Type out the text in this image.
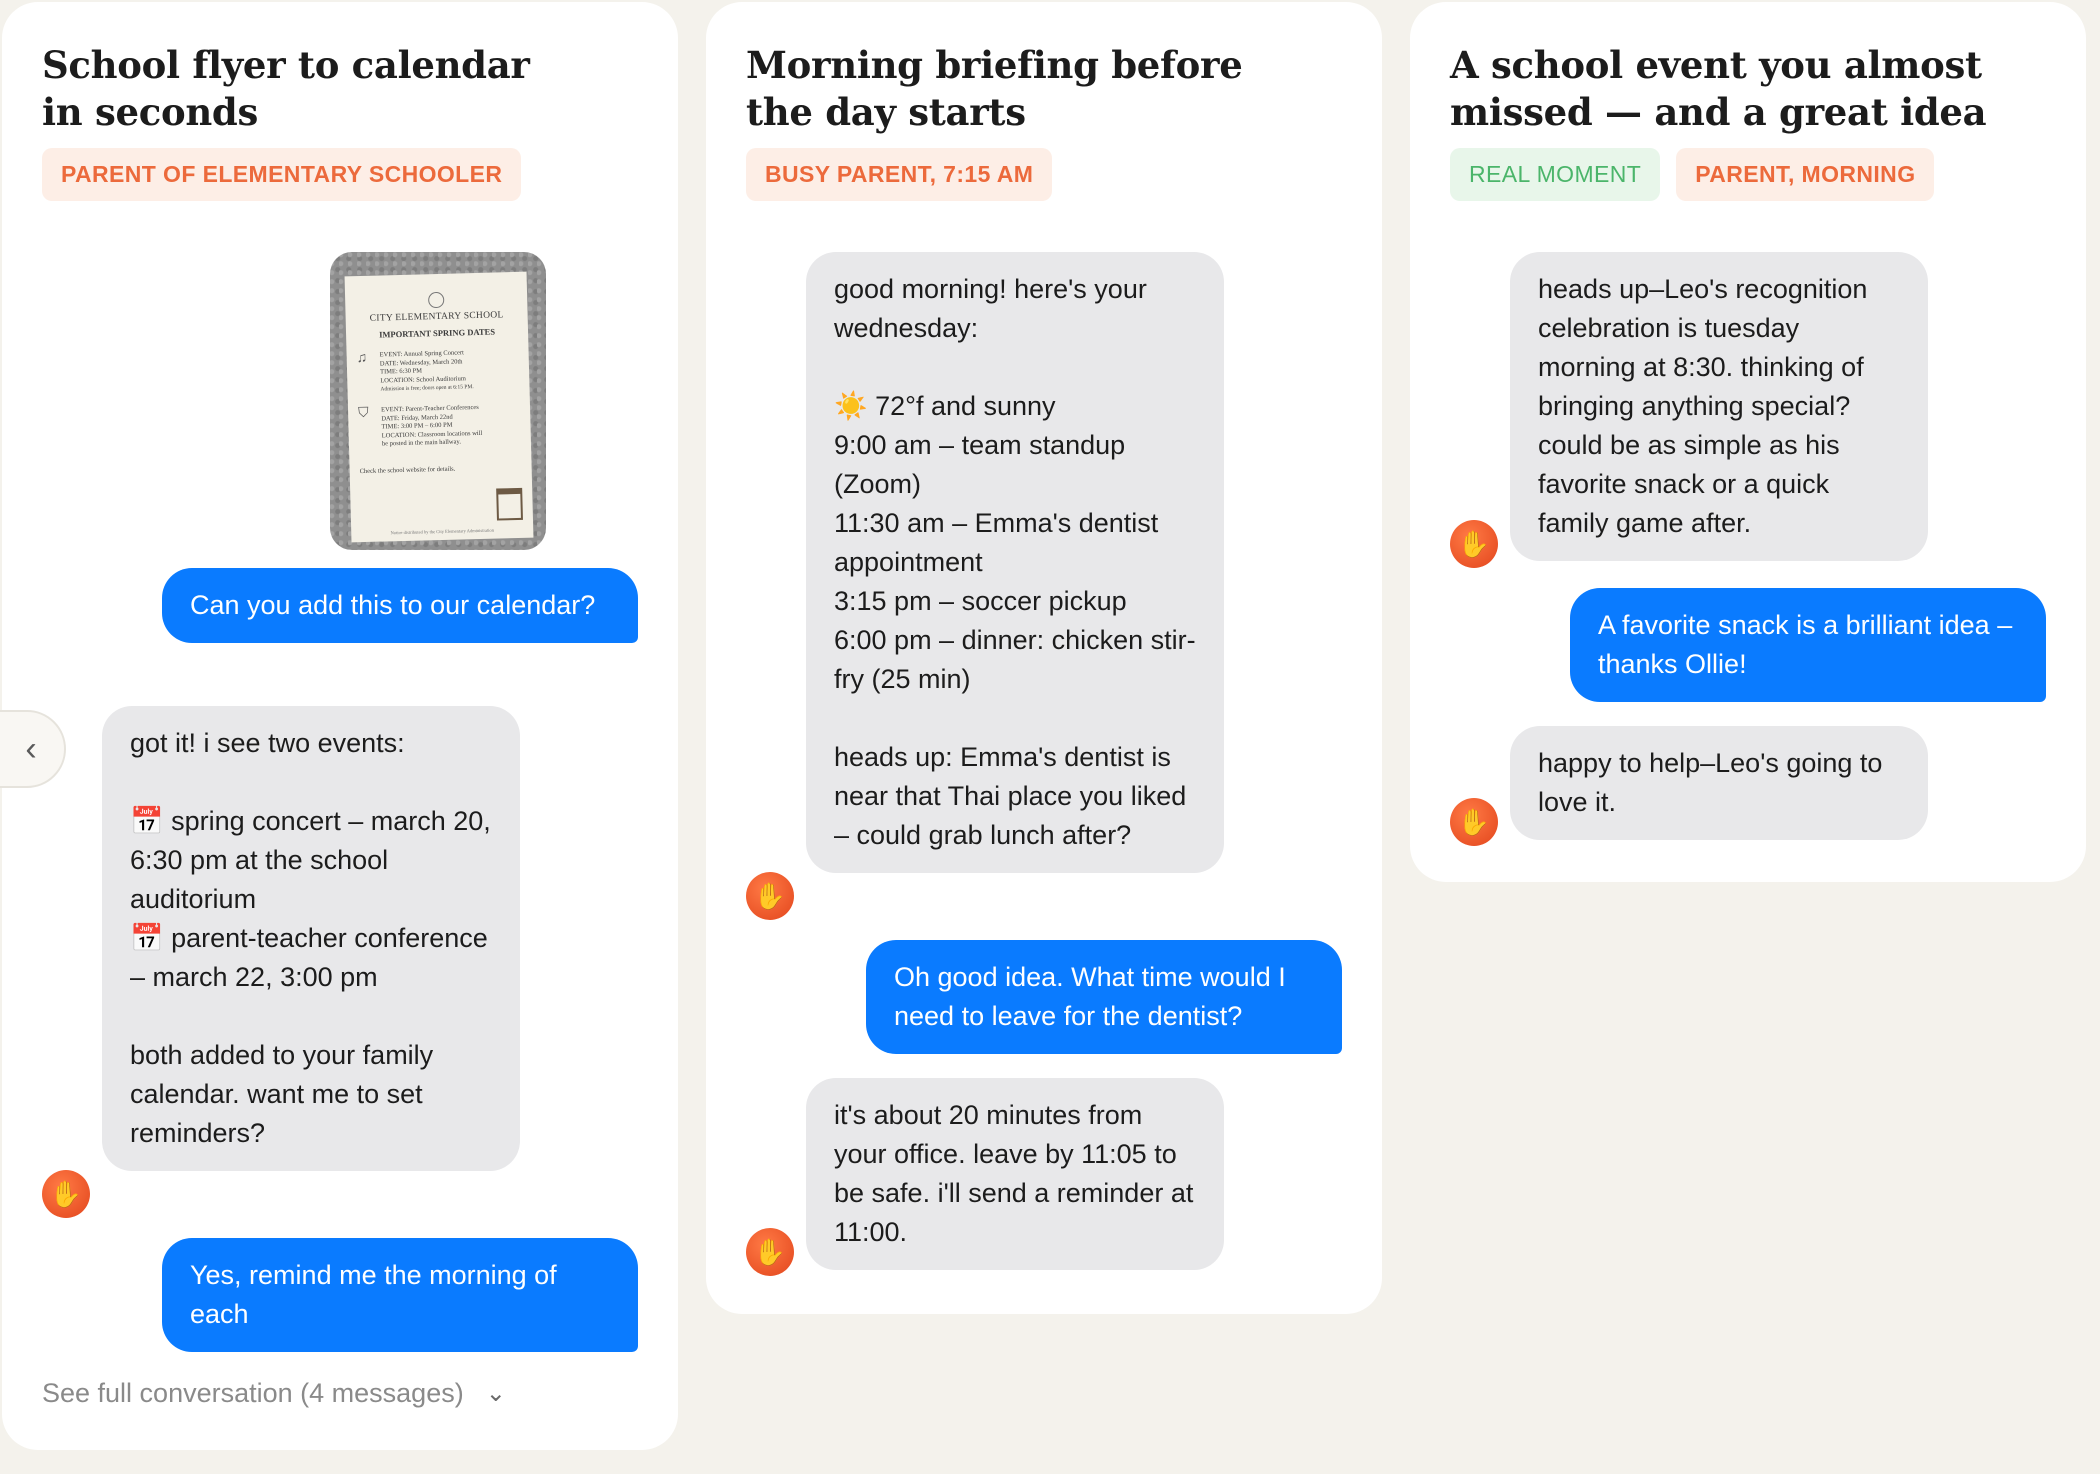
School flyer to calendar in seconds
PARENT OF ELEMENTARY SCHOOLER
CITY ELEMENTARY SCHOOL
IMPORTANT SPRING DATES
♫	EVENT: Annual Spring Concert
DATE: Wednesday, March 20th
TIME: 6:30 PM
LOCATION: School Auditorium
Admission is free; doors open at 6:15 PM.
⛉	EVENT: Parent-Teacher Conferences
DATE: Friday, March 22nd
TIME: 3:00 PM – 6:00 PM
LOCATION: Classroom locations will
be posted in the main hallway.
Check the school website for details.
Notice distributed by the City Elementary Administration
Can you add this to our calendar?
got it! i see two events:

📅 spring concert – march 20, 6:30 pm at the school auditorium
📅 parent-teacher conference – march 22, 3:00 pm

both added to your family calendar. want me to set reminders?
✋
Yes, remind me the morning of each
See full conversation (4 messages) ⌄
Morning briefing before the day starts
BUSY PARENT, 7:15 AM
good morning! here's your wednesday:

☀️ 72°f and sunny
9:00 am – team standup (Zoom)
11:30 am – Emma's dentist appointment
3:15 pm – soccer pickup
6:00 pm – dinner: chicken stir-fry (25 min)

heads up: Emma's dentist is near that Thai place you liked – could grab lunch after?
✋
Oh good idea. What time would I need to leave for the dentist?
it's about 20 minutes from your office. leave by 11:05 to be safe. i'll send a reminder at 11:00.
✋
A school event you almost missed — and a great idea
REAL MOMENT	PARENT, MORNING
heads up–Leo's recognition celebration is tuesday morning at 8:30. thinking of bringing anything special? could be as simple as his favorite snack or a quick family game after.
✋
A favorite snack is a brilliant idea – thanks Ollie!
happy to help–Leo's going to love it.
✋
‹
